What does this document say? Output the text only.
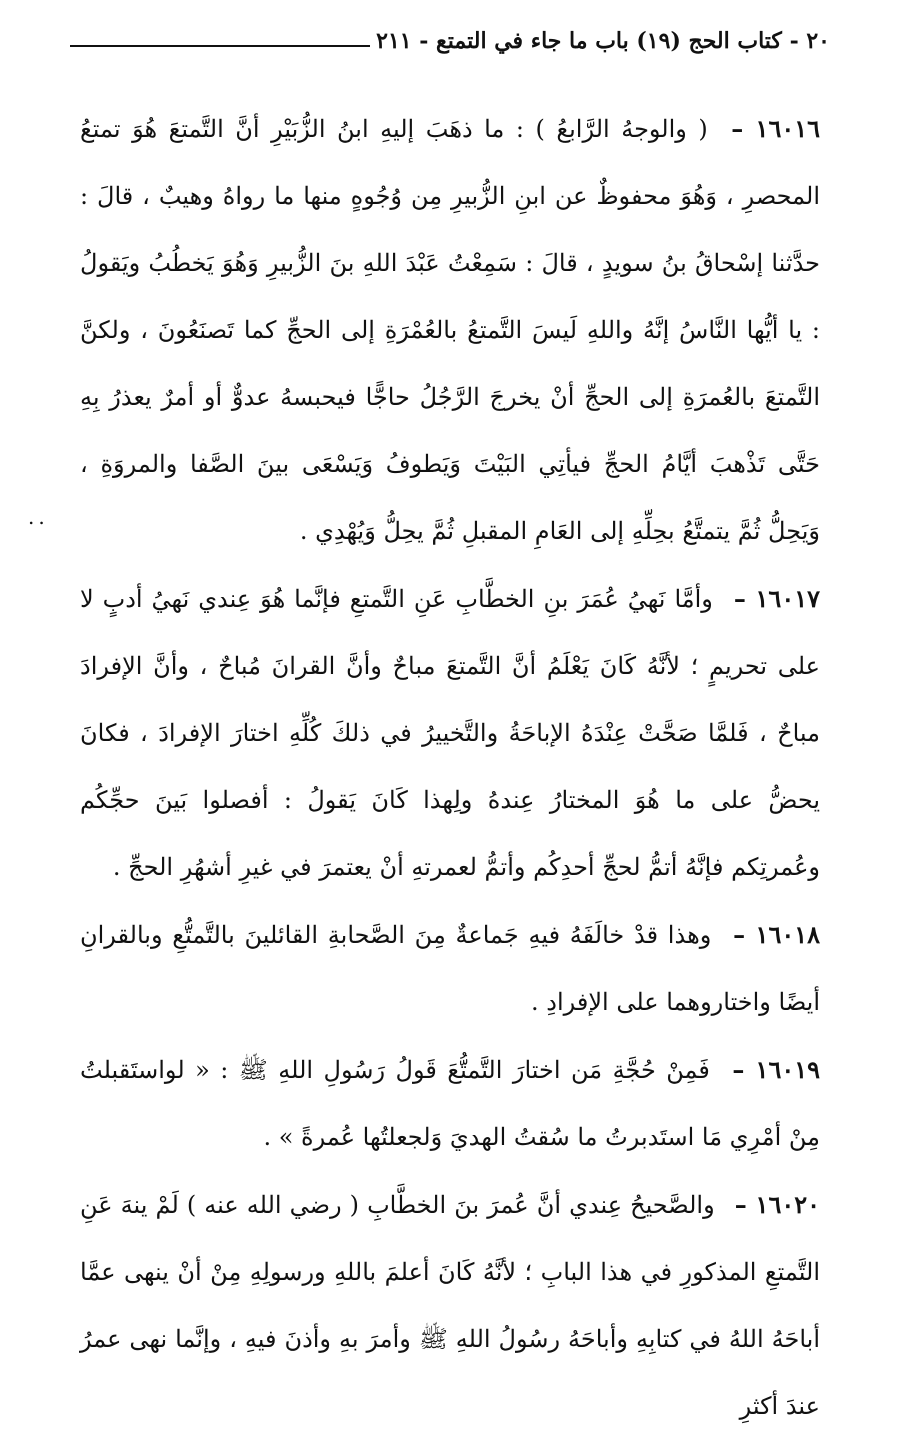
٢٠ - كتاب الحج (١٩) باب ما جاء في التمتع - ٢١١
..

١٦٠١٦ – ( والوجهُ الرَّابعُ ) : ما ذهَبَ إليهِ ابنُ الزُّبَيْرِ أنَّ التَّمتعَ هُوَ تمتعُ المحصرِ ، وَهُوَ محفوظٌ عن ابنِ الزُّبيرِ مِن وُجُوهٍ منها ما رواهُ وهيبٌ ، قالَ : حدَّثنا إسْحاقُ بنُ سويدٍ ، قالَ : سَمِعْتُ عَبْدَ اللهِ بنَ الزُّبيرِ وَهُوَ يَخطُبُ ويَقولُ : يا أيُّها النَّاسُ إنَّهُ واللهِ لَيسَ التَّمتعُ بالعُمْرَةِ إلى الحجِّ كما تَصنَعُونَ ، ولكنَّ التَّمتعَ بالعُمرَةِ إلى الحجِّ أنْ يخرجَ الرَّجُلُ حاجًّا فيحبسهُ عدوٌّ أو أمرٌ يعذرُ بِهِ حَتَّى تَذْهبَ أيَّامُ الحجِّ فيأتِي البَيْتَ وَيَطوفُ وَيَسْعَى بينَ الصَّفا والمروَةِ ، وَيَحِلُّ ثُمَّ يتمتَّعُ بحِلِّهِ إلى العَامِ المقبلِ ثُمَّ يحِلُّ وَيُهْدِي .

١٦٠١٧ – وأمَّا نَهيُ عُمَرَ بنِ الخطَّابِ عَنِ التَّمتعِ فإنَّما هُوَ عِندي نَهيُ أدبٍ لا على تحريمٍ ؛ لأنَّهُ كَانَ يَعْلَمُ أنَّ التَّمتعَ مباحٌ وأنَّ القرانَ مُباحٌ ، وأنَّ الإفرادَ مباحٌ ، فَلمَّا صَحَّتْ عِنْدَهُ الإباحَةُ والتَّخييرُ في ذلكَ كُلِّهِ اختارَ الإفرادَ ، فكانَ يحضُّ على ما هُوَ المختارُ عِندهُ ولِهذا كَانَ يَقولُ : أفصلوا بَينَ حجِّكُم وعُمرتِكم فإنَّهُ أتمُّ لحجِّ أحدِكُم وأتمُّ لعمرتهِ أنْ يعتمرَ في غيرِ أشهُرِ الحجِّ .

١٦٠١٨ – وهذا قدْ خالَفَهُ فيهِ جَماعةٌ مِنَ الصَّحابةِ القائلينَ بالتَّمتُّعِ وبالقرانِ أيضًا واختاروهما على الإفرادِ .

١٦٠١٩ – فَمِنْ حُجَّةِ مَن اختارَ التَّمتُّعَ قَولُ رَسُولِ اللهِ ﷺ : « لواستَقبلتُ مِنْ أمْرِي مَا استَدبرتُ ما سُقتُ الهديَ وَلجعلتُها عُمرةً » .

١٦٠٢٠ – والصَّحيحُ عِندي أنَّ عُمرَ بنَ الخطَّابِ ( رضي الله عنه ) لَمْ ينهَ عَنِ التَّمتعِ المذكورِ في هذا البابِ ؛ لأنَّهُ كَانَ أعلمَ باللهِ ورسولِهِ مِنْ أنْ ينهى عمَّا أباحَهُ اللهُ في كتابِهِ وأباحَهُ رسُولُ اللهِ ﷺ وأمرَ بهِ وأذنَ فيهِ ، وإنَّما نهى عمرُ عندَ أكثرِ
